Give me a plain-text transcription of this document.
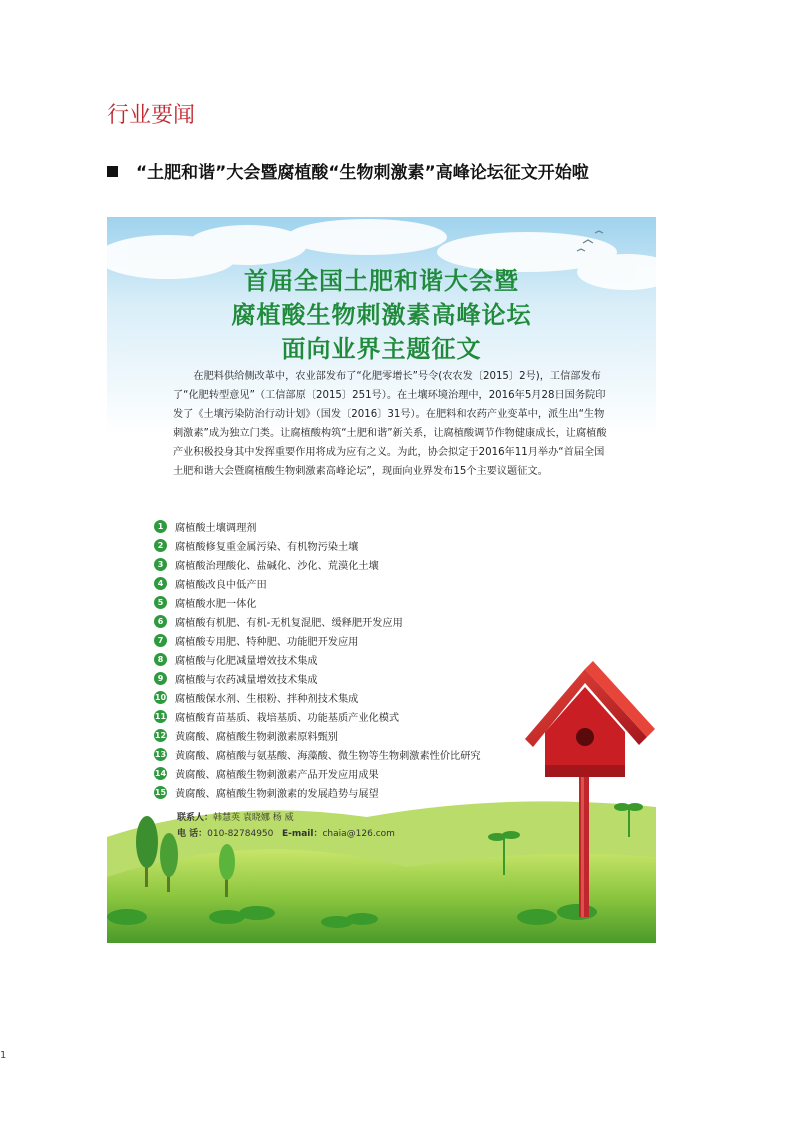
行业要闻
“土肥和谐”大会暨腐植酸“生物刺激素”高峰论坛征文开始啦
首届全国土肥和谐大会暨
腐植酸生物刺激素高峰论坛
面向业界主题征文
在肥料供给侧改革中，农业部发布了“化肥零增长”号令(农农发〔2015〕2号)，工信部发布了“化肥转型意见”（工信部原〔2015〕251号）。在土壤环境治理中，2016年5月28日国务院印发了《土壤污染防治行动计划》（国发〔2016〕31号）。在肥料和农药产业变革中，派生出“生物刺激素”成为独立门类。让腐植酸构筑“土肥和谐”新关系，让腐植酸调节作物健康成长，让腐植酸产业积极投身其中发挥重要作用将成为应有之义。为此，协会拟定于2016年11月举办“首届全国土肥和谐大会暨腐植酸生物刺激素高峰论坛”，现面向业界发布15个主要议题征文。
1	腐植酸土壤调理剂
2	腐植酸修复重金属污染、有机物污染土壤
3	腐植酸治理酸化、盐碱化、沙化、荒漠化土壤
4	腐植酸改良中低产田
5	腐植酸水肥一体化
6	腐植酸有机肥、有机-无机复混肥、缓释肥开发应用
7	腐植酸专用肥、特种肥、功能肥开发应用
8	腐植酸与化肥减量增效技术集成
9	腐植酸与农药减量增效技术集成
10 腐植酸保水剂、生根粉、拌种剂技术集成
11 腐植酸育苗基质、栽培基质、功能基质产业化模式
12 黄腐酸、腐植酸生物刺激素原料甄别
13 黄腐酸、腐植酸与氨基酸、海藻酸、微生物等生物刺激素性价比研究
14 黄腐酸、腐植酸生物刺激素产品开发应用成果
15 黄腐酸、腐植酸生物刺激素的发展趋势与展望
联系人：韩慧英 袁晓娜 杨 威
电 话：010-82784950 E-mail：chaia@126.com
1
